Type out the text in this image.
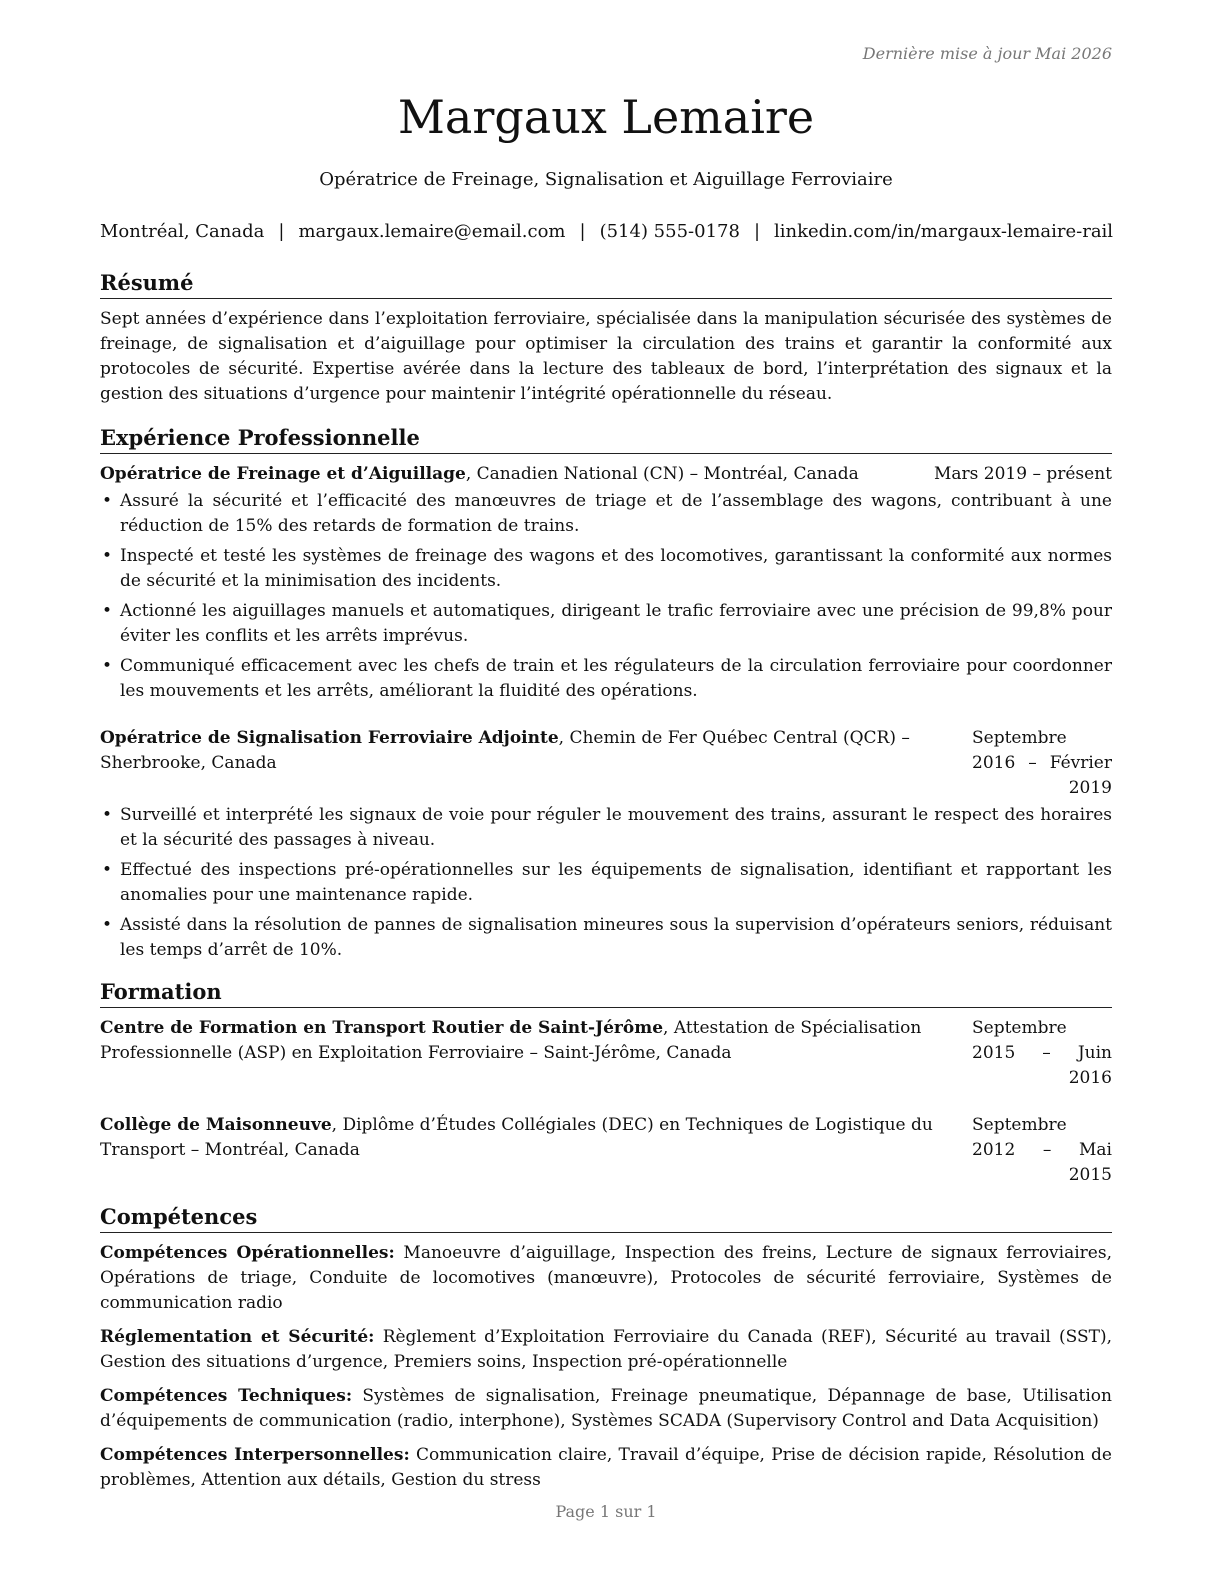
Dernière mise à jour Mai 2026
Margaux Lemaire
Opératrice de Freinage, Signalisation et Aiguillage Ferroviaire
Montréal, Canada | margaux.lemaire@email.com | (514) 555-0178 | linkedin.com/in/margaux-lemaire-rail
Résumé

Sept années d’expérience dans l’exploitation ferroviaire, spécialisée dans la manipulation sécurisée des systèmes de freinage, de signalisation et d’aiguillage pour optimiser la circulation des trains et garantir la conformité aux protocoles de sécurité. Expertise avérée dans la lecture des tableaux de bord, l’interprétation des signaux et la gestion des situations d’urgence pour maintenir l’intégrité opérationnelle du réseau.

Expérience Professionnelle
Opératrice de Freinage et d’Aiguillage, Canadien National (CN) – Montréal, Canada	Mars 2019 – présent
• Assuré la sécurité et l’efficacité des manœuvres de triage et de l’assemblage des wagons, contribuant à une réduction de 15% des retards de formation de trains.
• Inspecté et testé les systèmes de freinage des wagons et des locomotives, garantissant la conformité aux normes de sécurité et la minimisation des incidents.
• Actionné les aiguillages manuels et automatiques, dirigeant le trafic ferroviaire avec une précision de 99,8% pour éviter les conflits et les arrêts imprévus.
• Communiqué efficacement avec les chefs de train et les régulateurs de la circulation ferroviaire pour coordonner les mouvements et les arrêts, améliorant la fluidité des opérations.
Opératrice de Signalisation Ferroviaire Adjointe, Chemin de Fer Québec Central (QCR) – Sherbrooke, Canada
Septembre 2016 – Février 2019
• Surveillé et interprété les signaux de voie pour réguler le mouvement des trains, assurant le respect des horaires et la sécurité des passages à niveau.
• Effectué des inspections pré-opérationnelles sur les équipements de signalisation, identifiant et rapportant les anomalies pour une maintenance rapide.
• Assisté dans la résolution de pannes de signalisation mineures sous la supervision d’opérateurs seniors, réduisant les temps d’arrêt de 10%.
Formation
Centre de Formation en Transport Routier de Saint-Jérôme, Attestation de Spécialisation Professionnelle (ASP) en Exploitation Ferroviaire – Saint-Jérôme, Canada
Septembre 2015 – Juin 2016
Collège de Maisonneuve, Diplôme d’Études Collégiales (DEC) en Techniques de Logistique du Transport – Montréal, Canada
Septembre 2012 – Mai 2015
Compétences

Compétences Opérationnelles: Manoeuvre d’aiguillage, Inspection des freins, Lecture de signaux ferroviaires, Opérations de triage, Conduite de locomotives (manœuvre), Protocoles de sécurité ferroviaire, Systèmes de communication radio

Réglementation et Sécurité: Règlement d’Exploitation Ferroviaire du Canada (REF), Sécurité au travail (SST), Gestion des situations d’urgence, Premiers soins, Inspection pré-opérationnelle

Compétences Techniques: Systèmes de signalisation, Freinage pneumatique, Dépannage de base, Utilisation d’équipements de communication (radio, interphone), Systèmes SCADA (Supervisory Control and Data Acquisition)

Compétences Interpersonnelles: Communication claire, Travail d’équipe, Prise de décision rapide, Résolution de problèmes, Attention aux détails, Gestion du stress

Page 1 sur 1
